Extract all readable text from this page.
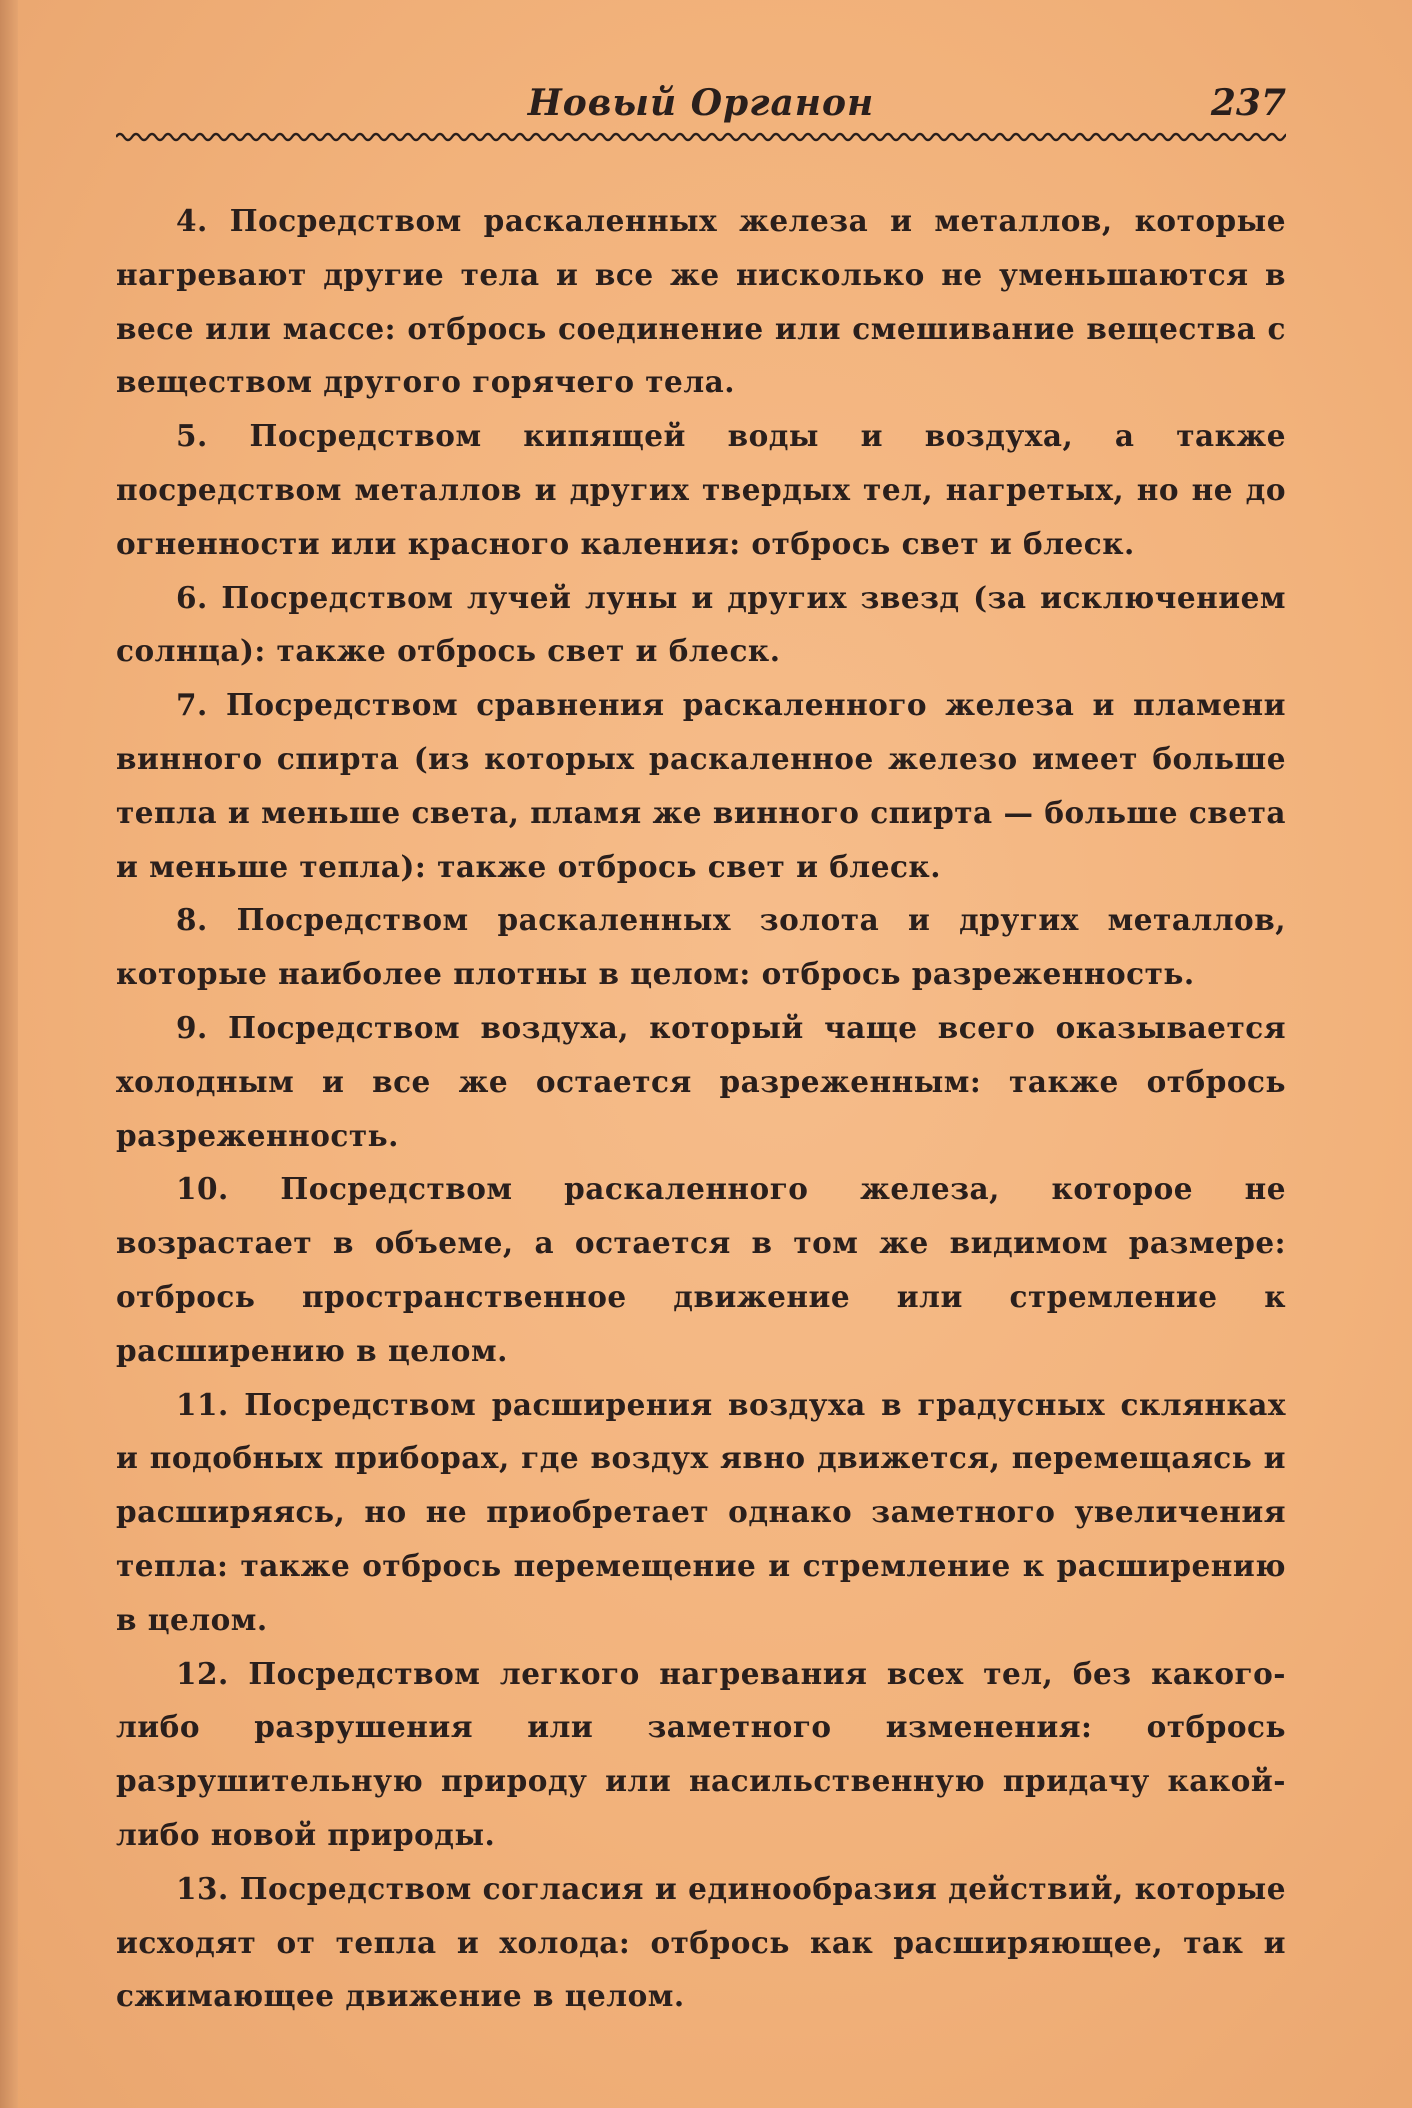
Новый Органон	237

4. Посредством раскаленных железа и металлов, которые нагревают другие тела и все же нисколько не уменьшаются в весе или массе: отбрось соединение или смешивание вещества с веществом другого горячего тела.

5. Посредством кипящей воды и воздуха, а также посредством металлов и других твердых тел, нагретых, но не до огненности или красного каления: отбрось свет и блеск.

6. Посредством лучей луны и других звезд (за исключением солнца): также отбрось свет и блеск.

7. Посредством сравнения раскаленного железа и пламени винного спирта (из которых раскаленное железо имеет больше тепла и меньше света, пламя же винного спирта — больше света и меньше тепла): также отбрось свет и блеск.

8. Посредством раскаленных золота и других металлов, которые наиболее плотны в целом: отбрось разреженность.

9. Посредством воздуха, который чаще всего оказывается холодным и все же остается разреженным: также отбрось разреженность.

10. Посредством раскаленного железа, которое не возрастает в объеме, а остается в том же видимом размере: отбрось пространственное движение или стремление к расширению в целом.

11. Посредством расширения воздуха в градусных склянках и подобных приборах, где воздух явно движется, перемещаясь и расширяясь, но не приобретает однако заметного увеличения тепла: также отбрось перемещение и стремление к расширению в целом.

12. Посредством легкого нагревания всех тел, без какого-либо разрушения или заметного изменения: отбрось разрушительную природу или насильственную придачу какой-либо новой природы.

13. Посредством согласия и единообразия действий, которые исходят от тепла и холода: отбрось как расширяющее, так и сжимающее движение в целом.
